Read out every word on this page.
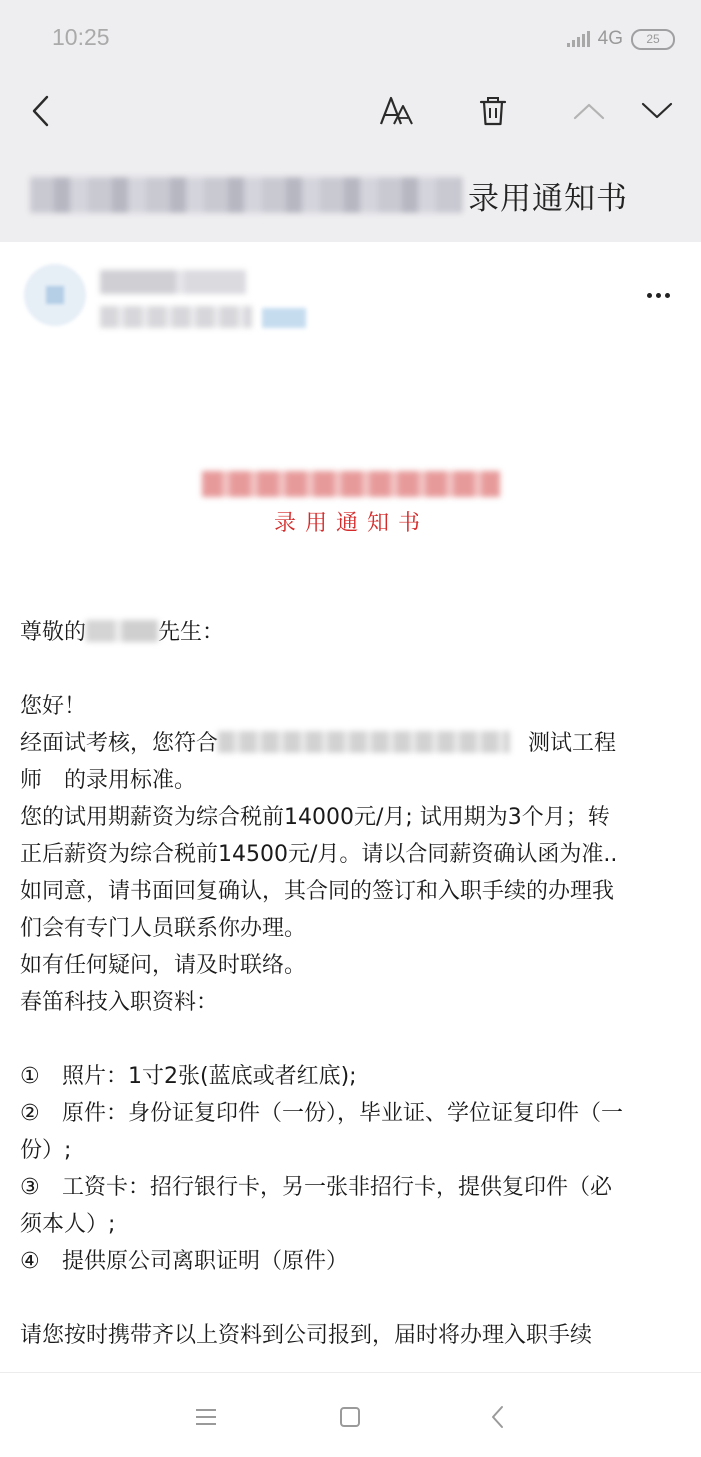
10:25	4G	25
录用通知书
录用通知书
尊敬的	先生：
您好！
经面试考核，您符合	测试工程
师　的录用标准。
您的试用期薪资为综合税前14000元/月; 试用期为3个月；转
正后薪资为综合税前14500元/月。请以合同薪资确认函为准..
如同意，请书面回复确认，其合同的签订和入职手续的办理我
们会有专门人员联系你办理。
如有任何疑问，请及时联络。
春笛科技入职资料：
① 照片：1寸2张(蓝底或者红底);
② 原件：身份证复印件（一份），毕业证、学位证复印件（一
份）;
③ 工资卡：招行银行卡，另一张非招行卡，提供复印件（必
须本人）;
④ 提供原公司离职证明（原件）
请您按时携带齐以上资料到公司报到，届时将办理入职手续
